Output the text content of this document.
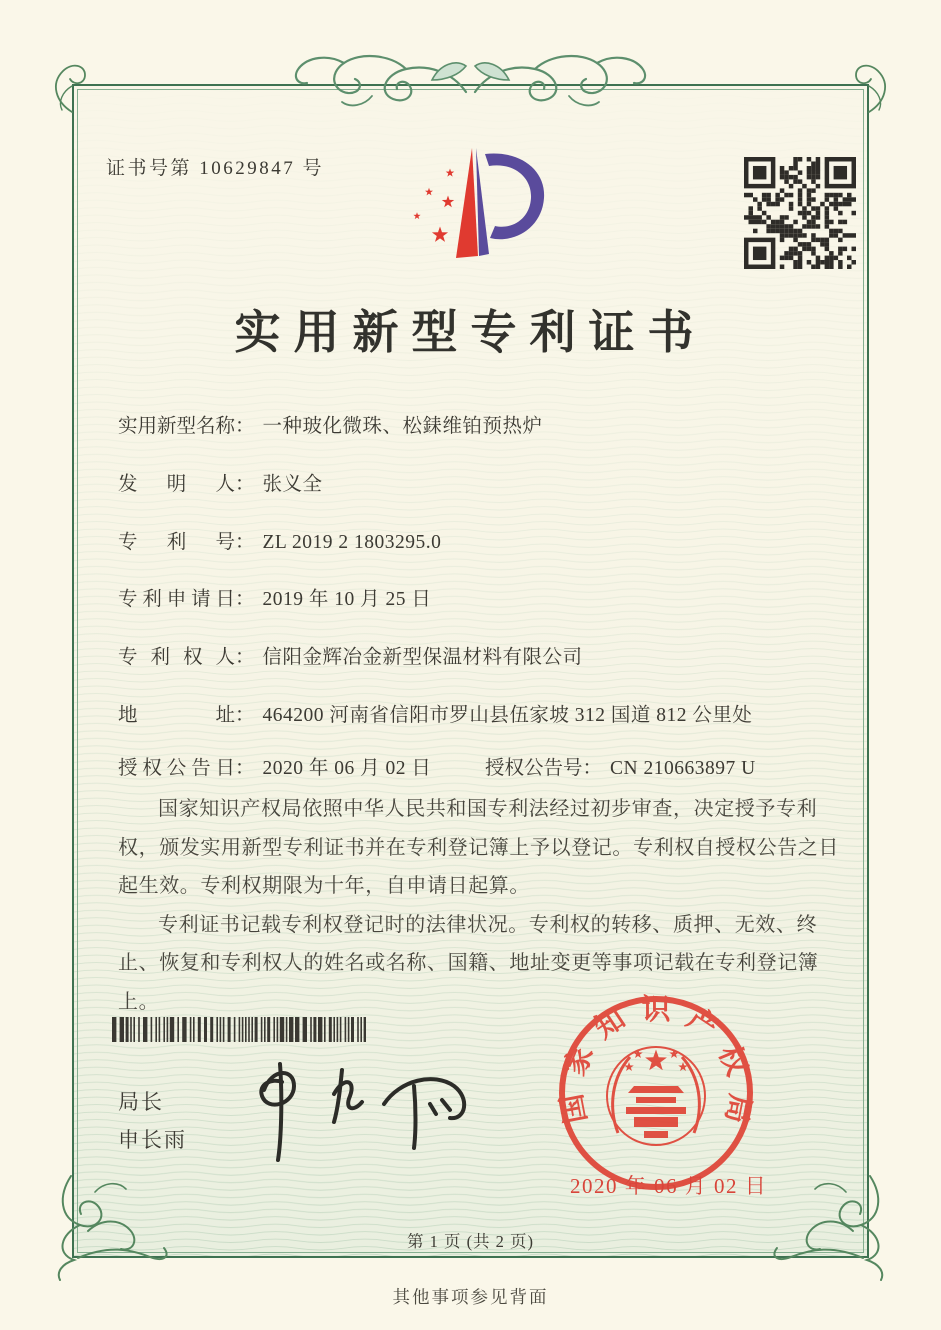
证书号第 10629847 号
实用新型专利证书
实用新型名称： 一种玻化微珠、松銇维铂预热炉
发明人： 张义全
专利号： ZL 2019 2 1803295.0
专利申请日： 2019 年 10 月 25 日
专利权人： 信阳金辉冶金新型保温材料有限公司
地址： 464200 河南省信阳市罗山县伍家坡 312 国道 812 公里处
授权公告日： 2020 年 06 月 02 日	授权公告号： CN 210663897 U

国家知识产权局依照中华人民共和国专利法经过初步审查，决定授予专利权，颁发实用新型专利证书并在专利登记簿上予以登记。专利权自授权公告之日起生效。专利权期限为十年，自申请日起算。

专利证书记载专利权登记时的法律状况。专利权的转移、质押、无效、终止、恢复和专利权人的姓名或名称、国籍、地址变更等事项记载在专利登记簿上。

局长
申长雨
国家知识产权局
2020 年 06 月 02 日
第 1 页 (共 2 页)
其他事项参见背面
